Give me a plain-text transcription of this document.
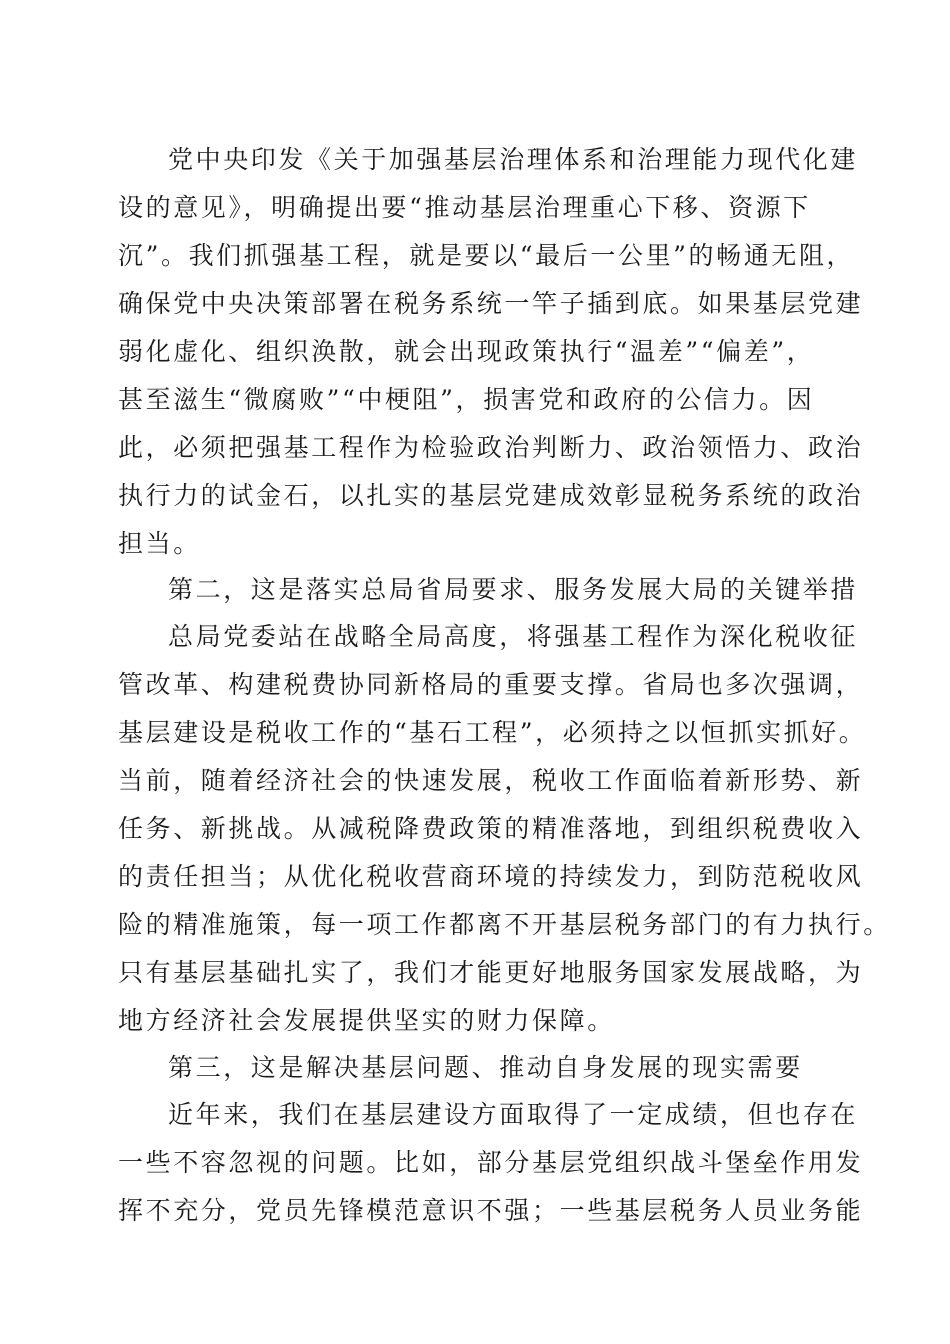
党中央印发《关于加强基层治理体系和治理能力现代化建
设的意见》，明确提出要“推动基层治理重心下移、资源下
沉”。我们抓强基工程，就是要以“最后一公里”的畅通无阻，
确保党中央决策部署在税务系统一竿子插到底。如果基层党建
弱化虚化、组织涣散，就会出现政策执行“温差”“偏差”，
甚至滋生“微腐败”“中梗阻”，损害党和政府的公信力。因
此，必须把强基工程作为检验政治判断力、政治领悟力、政治
执行力的试金石，以扎实的基层党建成效彰显税务系统的政治
担当。
第二，这是落实总局省局要求、服务发展大局的关键举措
总局党委站在战略全局高度，将强基工程作为深化税收征
管改革、构建税费协同新格局的重要支撑。省局也多次强调，
基层建设是税收工作的“基石工程”，必须持之以恒抓实抓好。
当前，随着经济社会的快速发展，税收工作面临着新形势、新
任务、新挑战。从减税降费政策的精准落地，到组织税费收入
的责任担当；从优化税收营商环境的持续发力，到防范税收风
险的精准施策，每一项工作都离不开基层税务部门的有力执行。
只有基层基础扎实了，我们才能更好地服务国家发展战略，为
地方经济社会发展提供坚实的财力保障。
第三，这是解决基层问题、推动自身发展的现实需要
近年来，我们在基层建设方面取得了一定成绩，但也存在
一些不容忽视的问题。比如，部分基层党组织战斗堡垒作用发
挥不充分，党员先锋模范意识不强；一些基层税务人员业务能
